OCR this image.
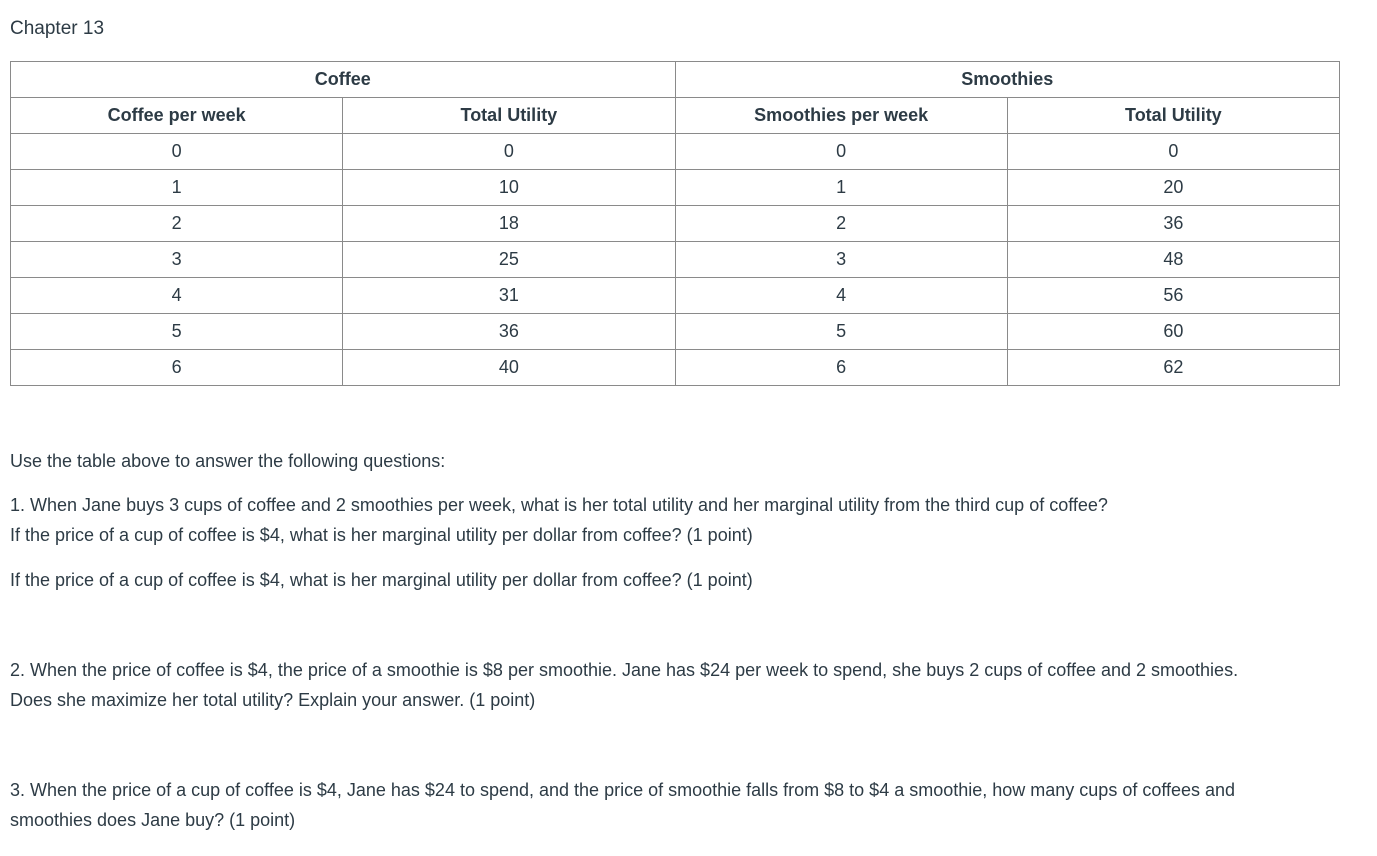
Chapter 13
Coffee		Smoothies	
Coffee per week	Total Utility	Smoothies per week	Total Utility
0	0	0	0
1	10	1	20
2	18	2	36
3	25	3	48
4	31	4	56
5	36	5	60
6	40	6	62

Use the table above to answer the following questions:

1. When Jane buys 3 cups of coffee and 2 smoothies per week, what is her total utility and her marginal utility from the third cup of coffee?
If the price of a cup of coffee is $4, what is her marginal utility per dollar from coffee? (1 point)

If the price of a cup of coffee is $4, what is her marginal utility per dollar from coffee? (1 point)

2. When the price of coffee is $4, the price of a smoothie is $8 per smoothie. Jane has $24 per week to spend, she buys 2 cups of coffee and 2 smoothies.
Does she maximize her total utility? Explain your answer. (1 point)

3. When the price of a cup of coffee is $4, Jane has $24 to spend, and the price of smoothie falls from $8 to $4 a smoothie, how many cups of coffees and
smoothies does Jane buy? (1 point)
